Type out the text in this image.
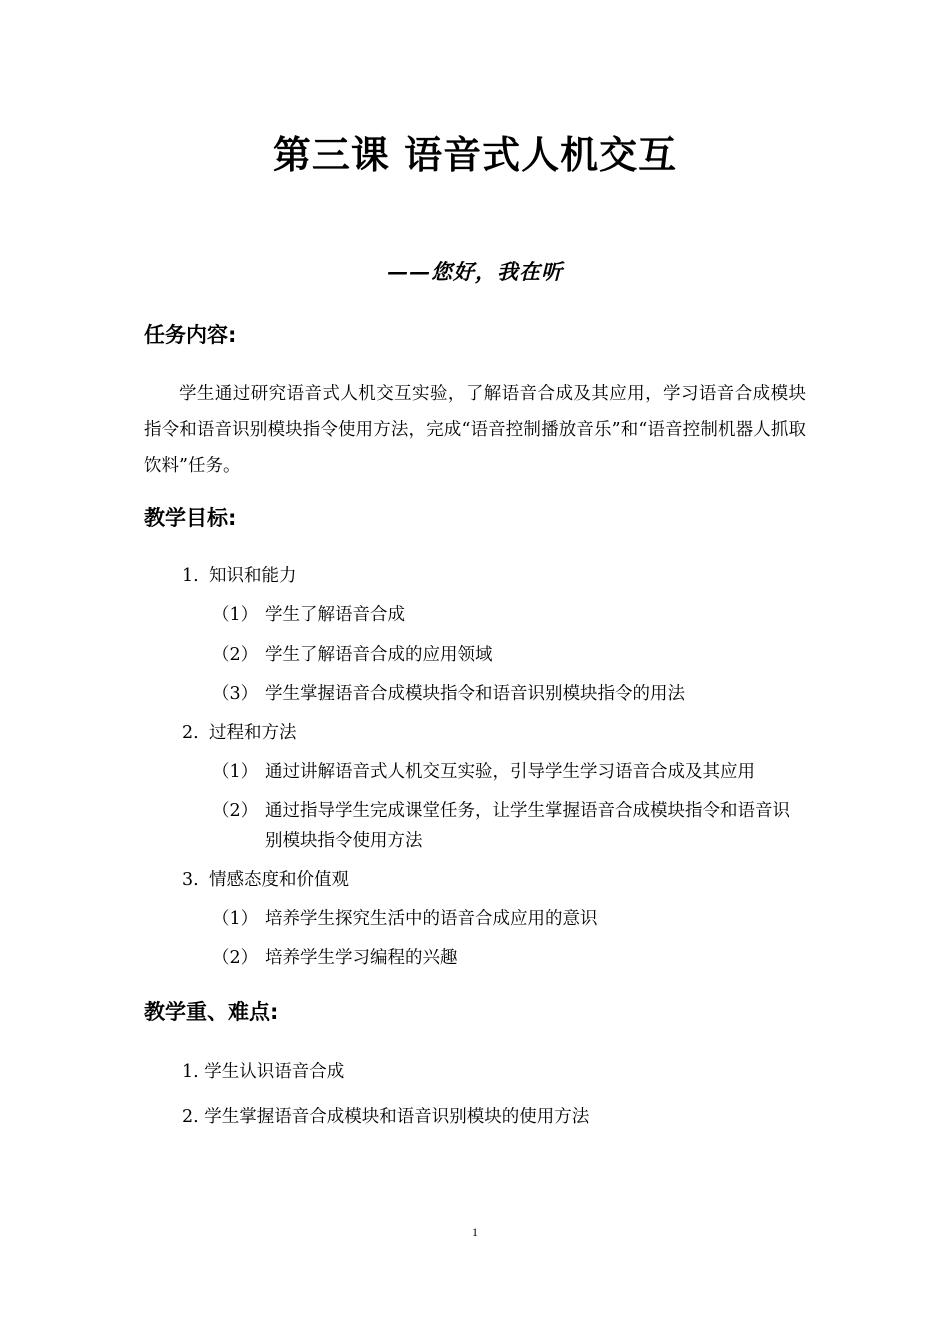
第三课 语音式人机交互
——您好，我在听
任务内容:
学生通过研究语音式人机交互实验，了解语音合成及其应用，学习语音合成模块指令和语音识别模块指令使用方法，完成“语音控制播放音乐”和“语音控制机器人抓取饮料”任务。
教学目标:
1. 知识和能力
（1） 学生了解语音合成
（2） 学生了解语音合成的应用领域
（3） 学生掌握语音合成模块指令和语音识别模块指令的用法
2. 过程和方法
（1） 通过讲解语音式人机交互实验，引导学生学习语音合成及其应用
（2） 通过指导学生完成课堂任务，让学生掌握语音合成模块指令和语音识别模块指令使用方法
3. 情感态度和价值观
（1） 培养学生探究生活中的语音合成应用的意识
（2） 培养学生学习编程的兴趣
教学重、难点:
1. 学生认识语音合成
2. 学生掌握语音合成模块和语音识别模块的使用方法
1
